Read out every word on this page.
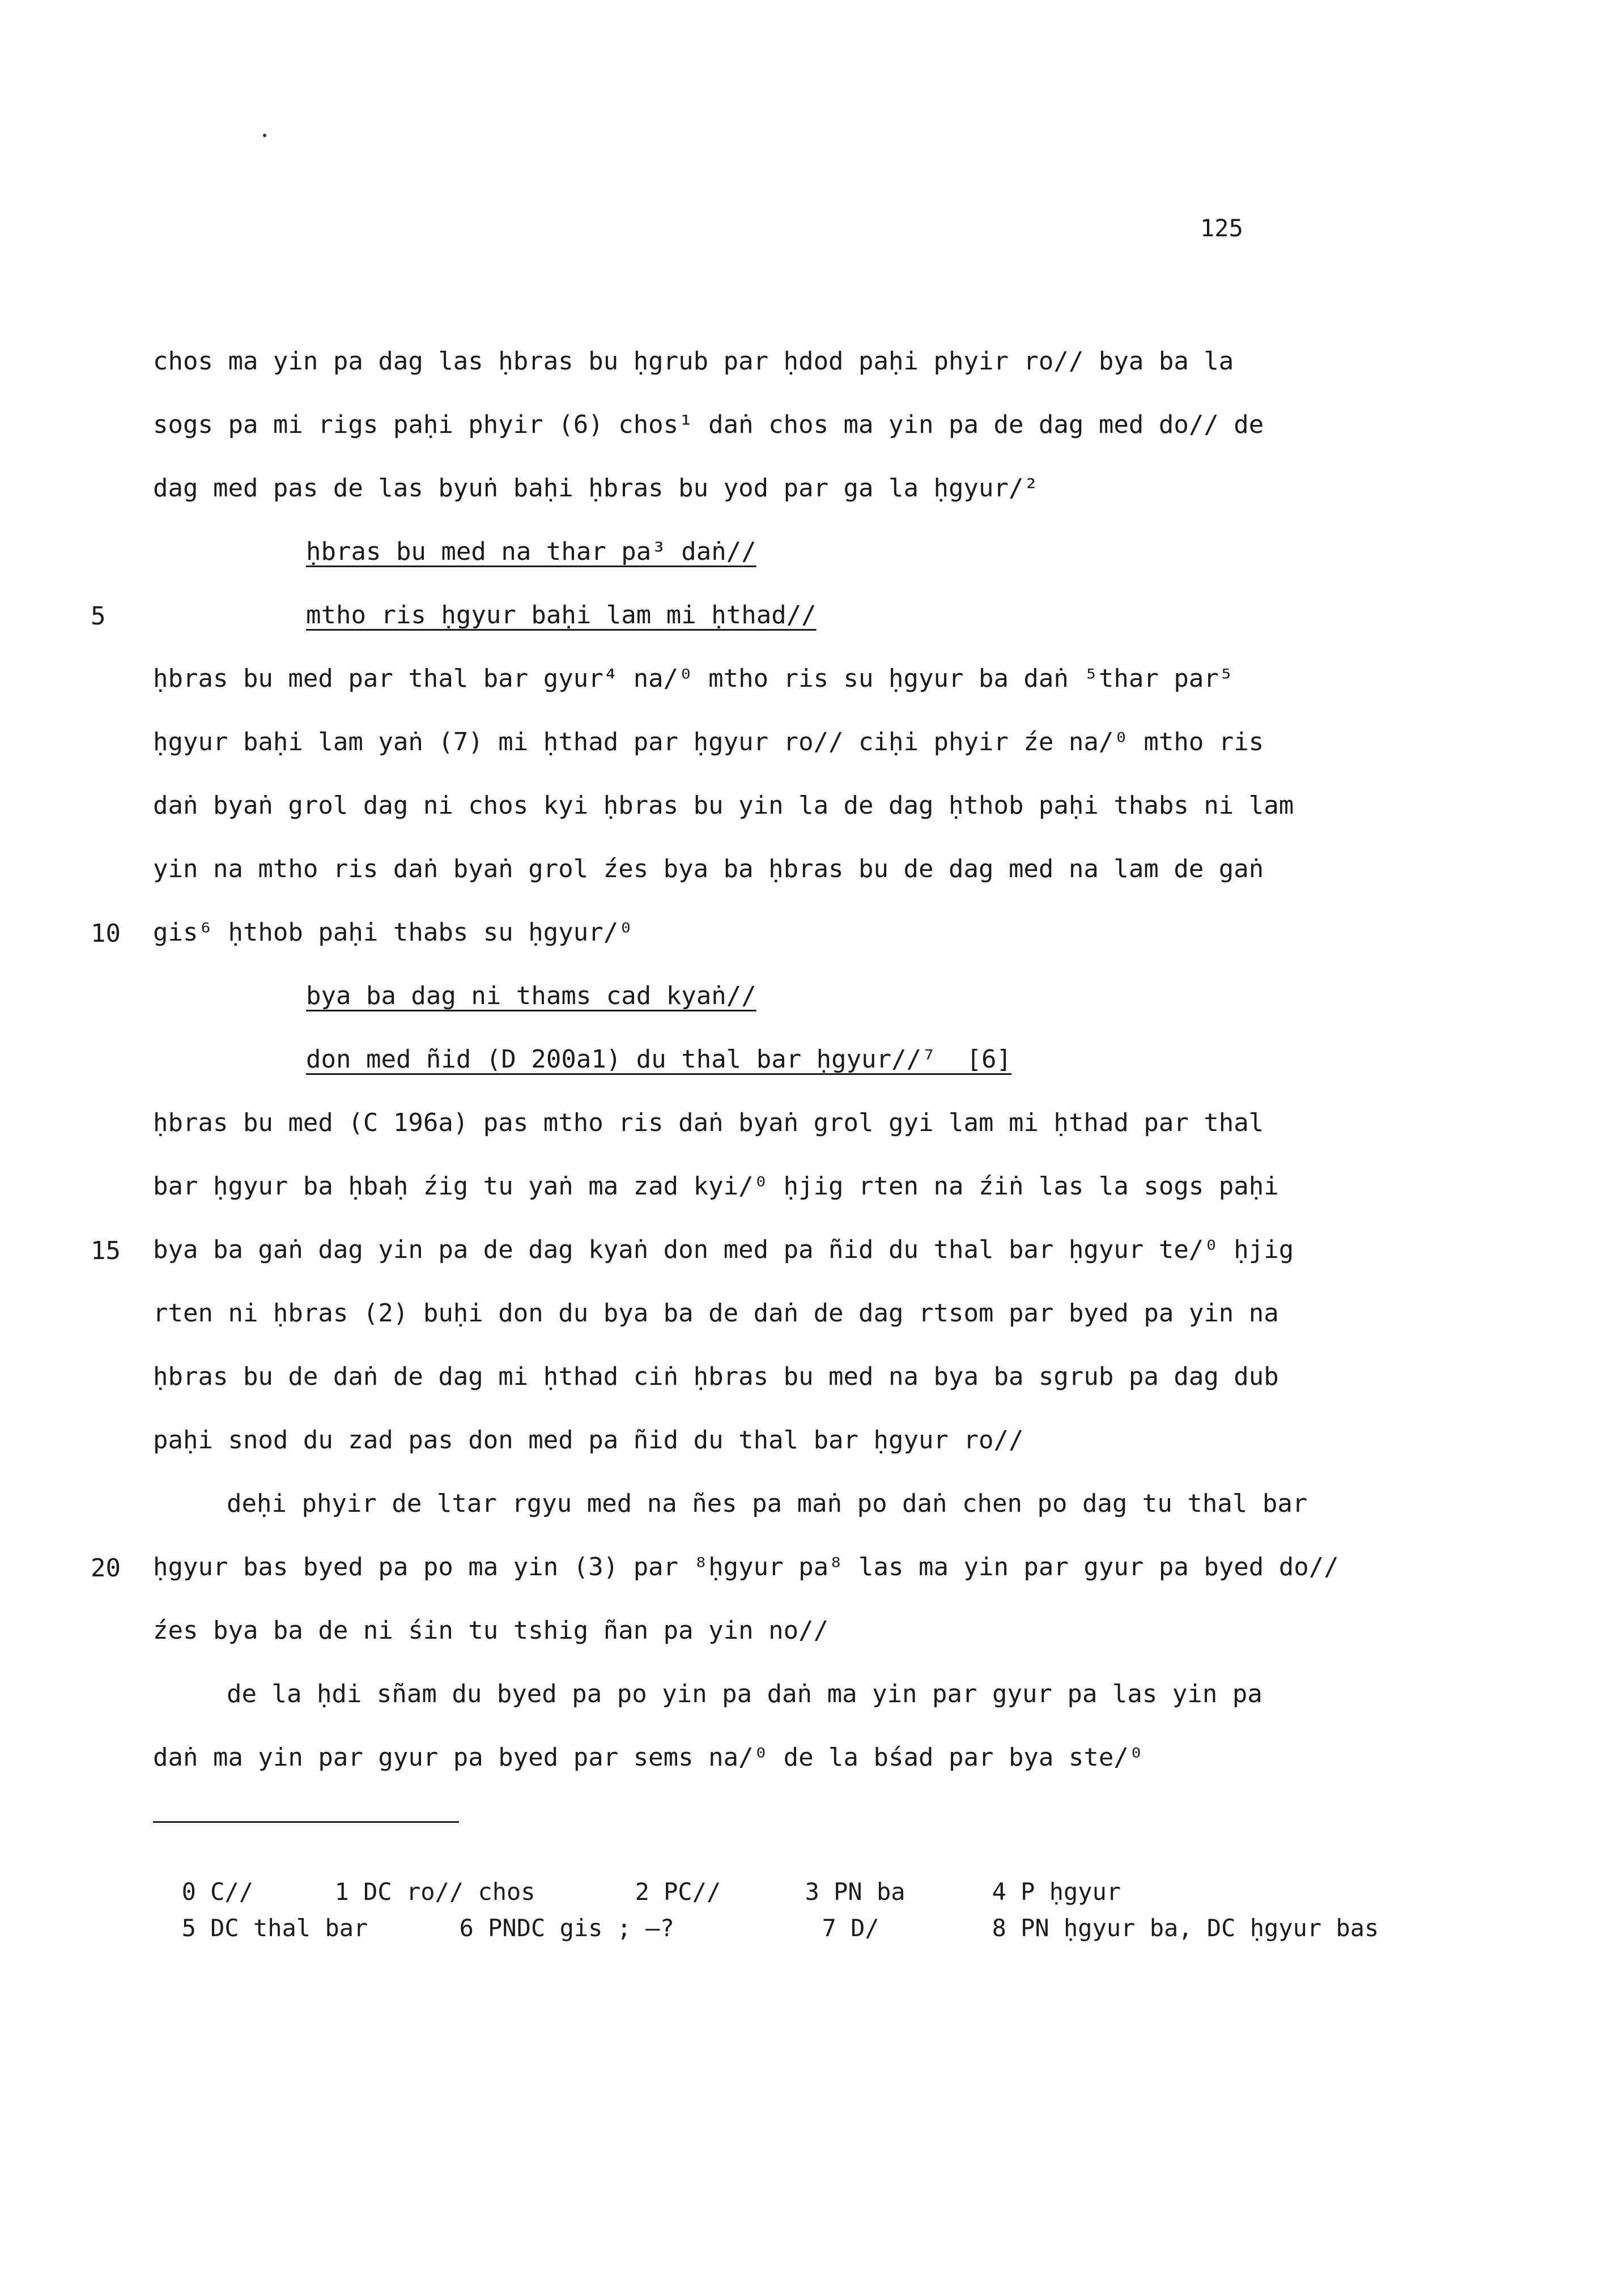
125
chos ma yin pa dag las ḥbras bu ḥgrub par ḥdod paḥi phyir ro// bya ba la
sogs pa mi rigs paḥi phyir (6) chos¹ daṅ chos ma yin pa de dag med do// de
dag med pas de las byuṅ baḥi ḥbras bu yod par ga la ḥgyur/²
ḥbras bu med na thar pa³ daṅ//
5	mtho ris ḥgyur baḥi lam mi ḥthad//
ḥbras bu med par thal bar gyur⁴ na/⁰ mtho ris su ḥgyur ba daṅ ⁵thar par⁵
ḥgyur baḥi lam yaṅ (7) mi ḥthad par ḥgyur ro// ciḥi phyir źe na/⁰ mtho ris
daṅ byaṅ grol dag ni chos kyi ḥbras bu yin la de dag ḥthob paḥi thabs ni lam
yin na mtho ris daṅ byaṅ grol źes bya ba ḥbras bu de dag med na lam de gaṅ
10 gis⁶ ḥthob paḥi thabs su ḥgyur/⁰
bya ba dag ni thams cad kyaṅ//
don med ñid (D 200a1) du thal bar ḥgyur//⁷  [6]
ḥbras bu med (C 196a) pas mtho ris daṅ byaṅ grol gyi lam mi ḥthad par thal
bar ḥgyur ba ḥbaḥ źig tu yaṅ ma zad kyi/⁰ ḥjig rten na źiṅ las la sogs paḥi
15 bya ba gaṅ dag yin pa de dag kyaṅ don med pa ñid du thal bar ḥgyur te/⁰ ḥjig
rten ni ḥbras (2) buḥi don du bya ba de daṅ de dag rtsom par byed pa yin na
ḥbras bu de daṅ de dag mi ḥthad ciṅ ḥbras bu med na bya ba sgrub pa dag dub
paḥi snod du zad pas don med pa ñid du thal bar ḥgyur ro//
deḥi phyir de ltar rgyu med na ñes pa maṅ po daṅ chen po dag tu thal bar
20 ḥgyur bas byed pa po ma yin (3) par ⁸ḥgyur pa⁸ las ma yin par gyur pa byed do//
źes bya ba de ni śin tu tshig ñan pa yin no//
de la ḥdi sñam du byed pa po yin pa daṅ ma yin par gyur pa las yin pa
daṅ ma yin par gyur pa byed par sems na/⁰ de la bśad par bya ste/⁰

0 C//	1 DC ro// chos	2 PC//	3 PN ba	4 P ḥgyur

5 DC thal bar	6 PNDC gis ; —?	7 D/	8 PN ḥgyur ba, DC ḥgyur bas
